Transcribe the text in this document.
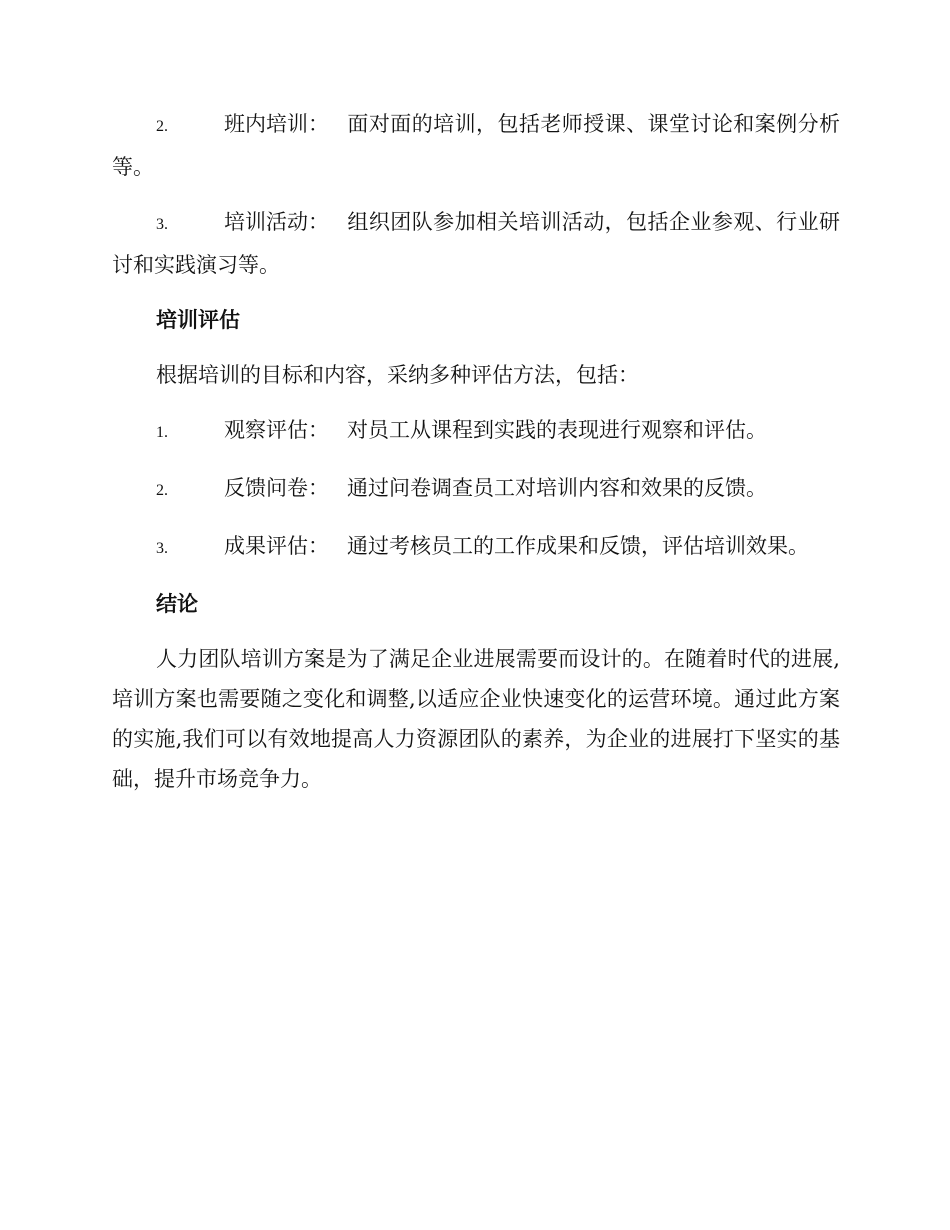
2.	班内培训： 面对面的培训，包括老师授课、课堂讨论和案例分析等。

3.	培训活动： 组织团队参加相关培训活动，包括企业参观、行业研讨和实践演习等。

培训评估

根据培训的目标和内容，采纳多种评估方法，包括：

1.	观察评估： 对员工从课程到实践的表现进行观察和评估。

2.	反馈问卷： 通过问卷调查员工对培训内容和效果的反馈。

3.	成果评估： 通过考核员工的工作成果和反馈，评估培训效果。

结论

人力团队培训方案是为了满足企业进展需要而设计的。在随着时代的进展,培训方案也需要随之变化和调整,以适应企业快速变化的运营环境。通过此方案的实施,我们可以有效地提高人力资源团队的素养，为企业的进展打下坚实的基础，提升市场竞争力。
